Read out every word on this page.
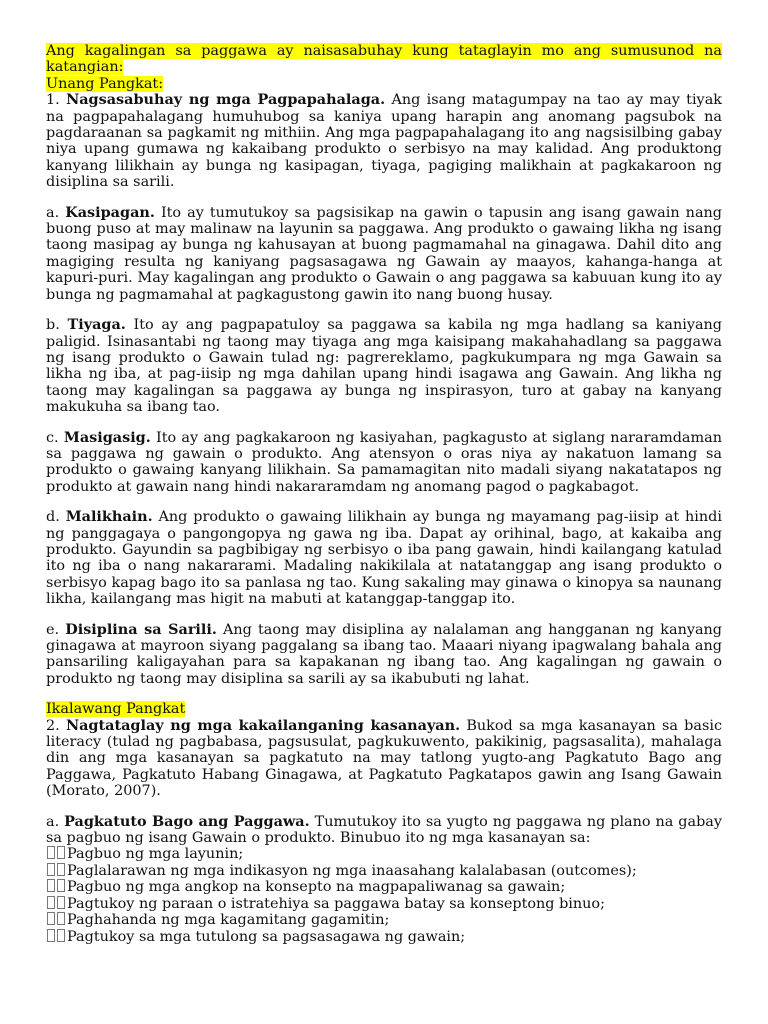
Ang kagalingan sa paggawa ay naisasabuhay kung tataglayin mo ang sumusunod na katangian:

Unang Pangkat:

1. Nagsasabuhay ng mga Pagpapahalaga. Ang isang matagumpay na tao ay may tiyak na pagpapahalagang humuhubog sa kaniya upang harapin ang anomang pagsubok na pagdaraanan sa pagkamit ng mithiin. Ang mga pagpapahalagang ito ang nagsisilbing gabay niya upang gumawa ng kakaibang produkto o serbisyo na may kalidad. Ang produktong kanyang lilikhain ay bunga ng kasipagan, tiyaga, pagiging malikhain at pagkakaroon ng disiplina sa sarili.

a. Kasipagan. Ito ay tumutukoy sa pagsisikap na gawin o tapusin ang isang gawain nang buong puso at may malinaw na layunin sa paggawa. Ang produkto o gawaing likha ng isang taong masipag ay bunga ng kahusayan at buong pagmamahal na ginagawa. Dahil dito ang magiging resulta ng kaniyang pagsasagawa ng Gawain ay maayos, kahanga-hanga at kapuri-puri. May kagalingan ang produkto o Gawain o ang paggawa sa kabuuan kung ito ay bunga ng pagmamahal at pagkagustong gawin ito nang buong husay.

b. Tiyaga. Ito ay ang pagpapatuloy sa paggawa sa kabila ng mga hadlang sa kaniyang paligid. Isinasantabi ng taong may tiyaga ang mga kaisipang makahahadlang sa paggawa ng isang produkto o Gawain tulad ng: pagrereklamo, pagkukumpara ng mga Gawain sa likha ng iba, at pag-iisip ng mga dahilan upang hindi isagawa ang Gawain. Ang likha ng taong may kagalingan sa paggawa ay bunga ng inspirasyon, turo at gabay na kanyang makukuha sa ibang tao.

c. Masigasig. Ito ay ang pagkakaroon ng kasiyahan, pagkagusto at siglang nararamdaman sa paggawa ng gawain o produkto. Ang atensyon o oras niya ay nakatuon lamang sa produkto o gawaing kanyang lilikhain. Sa pamamagitan nito madali siyang nakatatapos ng produkto at gawain nang hindi nakararamdam ng anomang pagod o pagkabagot.

d. Malikhain. Ang produkto o gawaing lilikhain ay bunga ng mayamang pag-iisip at hindi ng panggagaya o pangongopya ng gawa ng iba. Dapat ay orihinal, bago, at kakaiba ang produkto. Gayundin sa pagbibigay ng serbisyo o iba pang gawain, hindi kailangang katulad ito ng iba o nang nakararami. Madaling nakikilala at natatanggap ang isang produkto o serbisyo kapag bago ito sa panlasa ng tao. Kung sakaling may ginawa o kinopya sa naunang likha, kailangang mas higit na mabuti at katanggap-tanggap ito.

e. Disiplina sa Sarili. Ang taong may disiplina ay nalalaman ang hangganan ng kanyang ginagawa at mayroon siyang paggalang sa ibang tao. Maaari niyang ipagwalang bahala ang pansariling kaligayahan para sa kapakanan ng ibang tao. Ang kagalingan ng gawain o produkto ng taong may disiplina sa sarili ay sa ikabubuti ng lahat.

Ikalawang Pangkat

2. Nagtataglay ng mga kakailanganing kasanayan. Bukod sa mga kasanayan sa basic literacy (tulad ng pagbabasa, pagsusulat, pagkukuwento, pakikinig, pagsasalita), mahalaga din ang mga kasanayan sa pagkatuto na may tatlong yugto-ang Pagkatuto Bago ang Paggawa, Pagkatuto Habang Ginagawa, at Pagkatuto Pagkatapos gawin ang Isang Gawain (Morato, 2007).

a. Pagkatuto Bago ang Paggawa. Tumutukoy ito sa yugto ng paggawa ng plano na gabay sa pagbuo ng isang Gawain o produkto. Binubuo ito ng mga kasanayan sa:

Pagbuo ng mga layunin;

Paglalarawan ng mga indikasyon ng mga inaasahang kalalabasan (outcomes);

Pagbuo ng mga angkop na konsepto na magpapaliwanag sa gawain;

Pagtukoy ng paraan o istratehiya sa paggawa batay sa konseptong binuo;

Paghahanda ng mga kagamitang gagamitin;

Pagtukoy sa mga tutulong sa pagsasagawa ng gawain;
